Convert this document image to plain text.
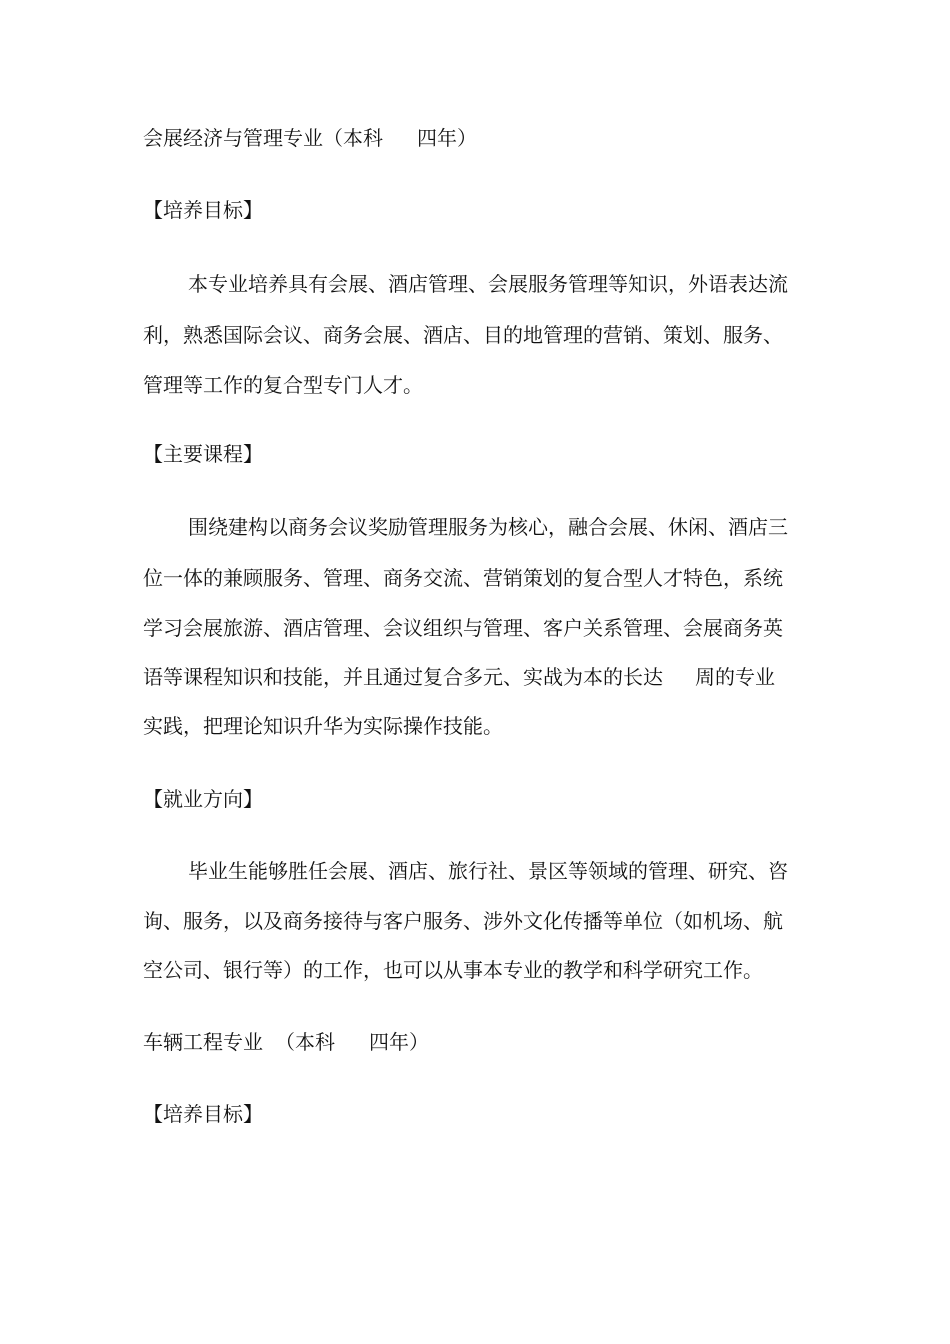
会展经济与管理专业（本科 四年）

【培养目标】

本专业培养具有会展、酒店管理、会展服务管理等知识，外语表达流

利，熟悉国际会议、商务会展、酒店、目的地管理的营销、策划、服务、

管理等工作的复合型专门人才。

【主要课程】

围绕建构以商务会议奖励管理服务为核心，融合会展、休闲、酒店三

位一体的兼顾服务、管理、商务交流、营销策划的复合型人才特色，系统

学习会展旅游、酒店管理、会议组织与管理、客户关系管理、会展商务英

语等课程知识和技能，并且通过复合多元、实战为本的长达 周的专业

实践，把理论知识升华为实际操作技能。

【就业方向】

毕业生能够胜任会展、酒店、旅行社、景区等领域的管理、研究、咨

询、服务，以及商务接待与客户服务、涉外文化传播等单位（如机场、航

空公司、银行等）的工作，也可以从事本专业的教学和科学研究工作。

车辆工程专业 （本科 四年）

【培养目标】
